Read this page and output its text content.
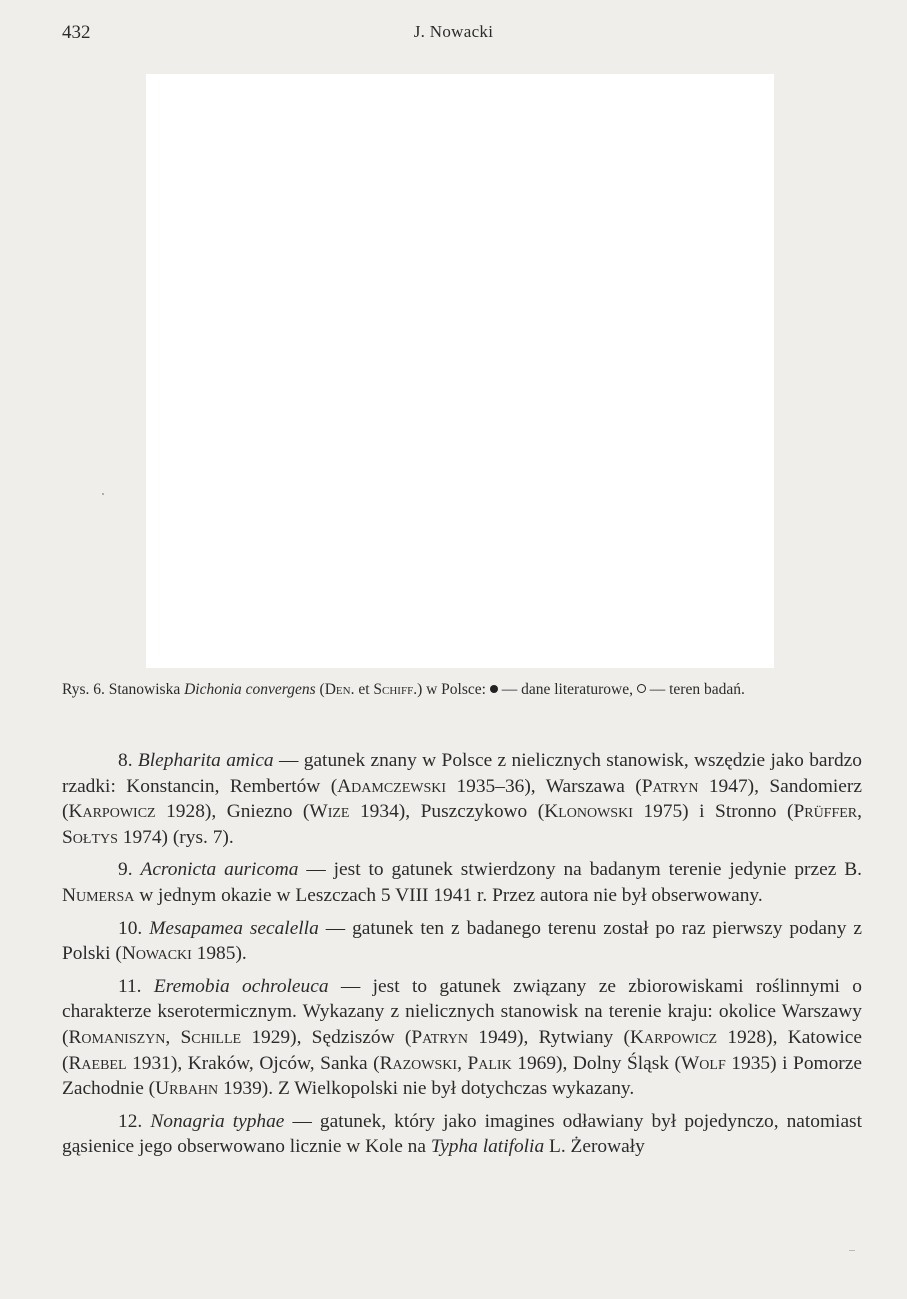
432	J. Nowacki
Rys. 6. Stanowiska Dichonia convergens (Den. et Schiff.) w Polsce:  — dane literaturowe,  — teren badań.

8. Blepharita amica — gatunek znany w Polsce z nielicznych stanowisk, wszędzie jako bardzo rzadki: Konstancin, Rembertów (Adamczewski 1935–36), Warszawa (Patryn 1947), Sandomierz (Karpowicz 1928), Gniezno (Wize 1934), Puszczykowo (Klonowski 1975) i Stronno (Prüffer, Sołtys 1974) (rys. 7).

9. Acronicta auricoma — jest to gatunek stwierdzony na badanym terenie jedynie przez B. Numersa w jednym okazie w Leszczach 5 VIII 1941 r. Przez autora nie był obserwowany.

10. Mesapamea secalella — gatunek ten z badanego terenu został po raz pierwszy podany z Polski (Nowacki 1985).

11. Eremobia ochroleuca — jest to gatunek związany ze zbiorowiskami roślinnymi o charakterze kserotermicznym. Wykazany z nielicznych stanowisk na terenie kraju: okolice Warszawy (Romaniszyn, Schille 1929), Sędziszów (Patryn 1949), Rytwiany (Karpowicz 1928), Katowice (Raebel 1931), Kraków, Ojców, Sanka (Razowski, Palik 1969), Dolny Śląsk (Wolf 1935) i Pomorze Zachodnie (Urbahn 1939). Z Wielkopolski nie był dotychczas wykazany.

12. Nonagria typhae — gatunek, który jako imagines odławiany był pojedynczo, natomiast gąsienice jego obserwowano licznie w Kole na Typha latifolia L. Żerowały
